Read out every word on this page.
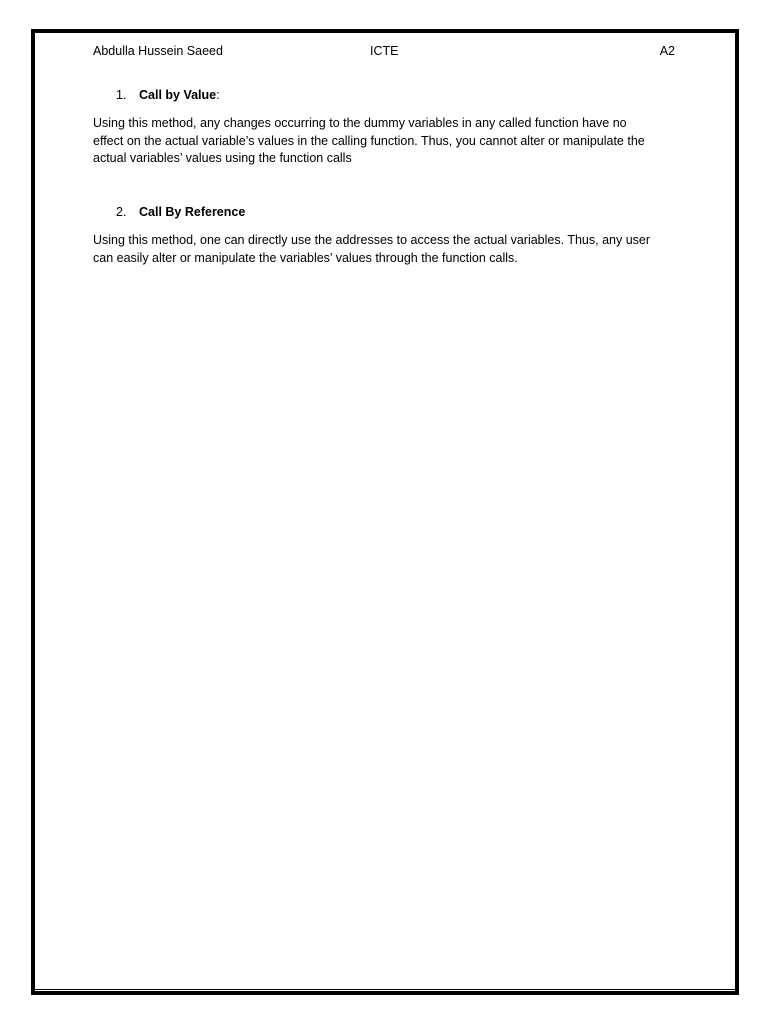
Abdulla Hussein Saeed	ICTE	A2
1. Call by Value:
Using this method, any changes occurring to the dummy variables in any called function have no
effect on the actual variable’s values in the calling function. Thus, you cannot alter or manipulate the
actual variables’ values using the function calls
2. Call By Reference
Using this method, one can directly use the addresses to access the actual variables. Thus, any user
can easily alter or manipulate the variables’ values through the function calls.
